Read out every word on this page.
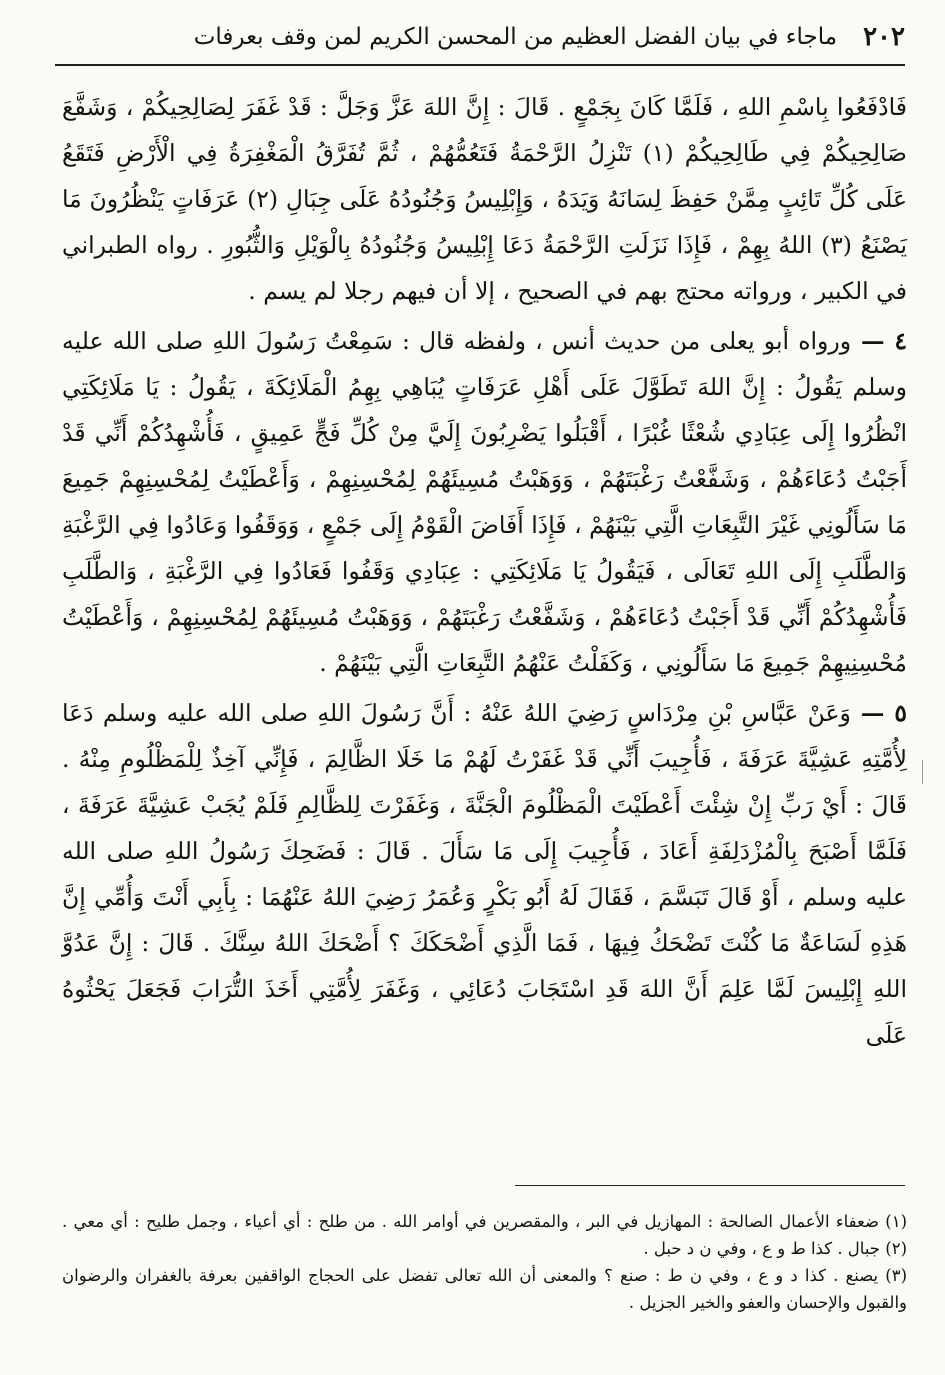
٢٠٢
ماجاء في بيان الفضل العظيم من المحسن الكريم لمن وقف بعرفات

فَادْفَعُوا بِاسْمِ اللهِ ، فَلَمَّا كَانَ بِجَمْعٍ . قَالَ : إِنَّ اللهَ عَزَّ وَجَلَّ : قَدْ غَفَرَ لِصَالِحِيكُمْ ، وَشَفَّعَ صَالِحِيكُمْ فِي طَالِحِيكُمْ (١) تَنْزِلُ الرَّحْمَةُ فَتَعُمُّهُمْ ، ثُمَّ تُفَرَّقُ الْمَغْفِرَةُ فِي الْأَرْضِ فَتَقَعُ عَلَى كُلِّ تَائِبٍ مِمَّنْ حَفِظَ لِسَانَهُ وَيَدَهُ ، وَإِبْلِيسُ وَجُنُودُهُ عَلَى جِبَالِ (٢) عَرَفَاتٍ يَنْظُرُونَ مَا يَصْنَعُ (٣) اللهُ بِهِمْ ، فَإِذَا نَزَلَتِ الرَّحْمَةُ دَعَا إِبْلِيسُ وَجُنُودُهُ بِالْوَيْلِ وَالثُّبُورِ . رواه الطبراني في الكبير ، ورواته محتج بهم في الصحيح ، إلا أن فيهم رجلا لم يسم .

٤ — ورواه أبو يعلى من حديث أنس ، ولفظه قال : سَمِعْتُ رَسُولَ اللهِ صلى الله عليه وسلم يَقُولُ : إِنَّ اللهَ تَطَوَّلَ عَلَى أَهْلِ عَرَفَاتٍ يُبَاهِي بِهِمُ الْمَلَائِكَةَ ، يَقُولُ : يَا مَلَائِكَتِي انْظُرُوا إِلَى عِبَادِي شُعْثًا غُبْرًا ، أَقْبَلُوا يَضْرِبُونَ إِلَيَّ مِنْ كُلِّ فَجٍّ عَمِيقٍ ، فَأُشْهِدُكُمْ أَنِّي قَدْ أَجَبْتُ دُعَاءَهُمْ ، وَشَفَّعْتُ رَغْبَتَهُمْ ، وَوَهَبْتُ مُسِيئَهُمْ لِمُحْسِنِهِمْ ، وَأَعْطَيْتُ لِمُحْسِنِهِمْ جَمِيعَ مَا سَأَلُونِي غَيْرَ التَّبِعَاتِ الَّتِي بَيْنَهُمْ ، فَإِذَا أَفَاضَ الْقَوْمُ إِلَى جَمْعٍ ، وَوَقَفُوا وَعَادُوا فِي الرَّغْبَةِ وَالطَّلَبِ إِلَى اللهِ تَعَالَى ، فَيَقُولُ يَا مَلَائِكَتِي : عِبَادِي وَقَفُوا فَعَادُوا فِي الرَّغْبَةِ ، وَالطَّلَبِ فَأُشْهِدُكُمْ أَنِّي قَدْ أَجَبْتُ دُعَاءَهُمْ ، وَشَفَّعْتُ رَغْبَتَهُمْ ، وَوَهَبْتُ مُسِيئَهُمْ لِمُحْسِنِهِمْ ، وَأَعْطَيْتُ مُحْسِنِيهِمْ جَمِيعَ مَا سَأَلُونِي ، وَكَفَلْتُ عَنْهُمُ التَّبِعَاتِ الَّتِي بَيْنَهُمْ .

٥ — وَعَنْ عَبَّاسِ بْنِ مِرْدَاسٍ رَضِيَ اللهُ عَنْهُ : أَنَّ رَسُولَ اللهِ صلى الله عليه وسلم دَعَا لِأُمَّتِهِ عَشِيَّةَ عَرَفَةَ ، فَأُجِيبَ أَنِّي قَدْ غَفَرْتُ لَهُمْ مَا خَلَا الظَّالِمَ ، فَإِنِّي آخِذٌ لِلْمَظْلُومِ مِنْهُ . قَالَ : أَيْ رَبِّ إِنْ شِئْتَ أَعْطَيْتَ الْمَظْلُومَ الْجَنَّةَ ، وَغَفَرْتَ لِلظَّالِمِ فَلَمْ يُجَبْ عَشِيَّةَ عَرَفَةَ ، فَلَمَّا أَصْبَحَ بِالْمُزْدَلِفَةِ أَعَادَ ، فَأُجِيبَ إِلَى مَا سَأَلَ . قَالَ : فَضَحِكَ رَسُولُ اللهِ صلى الله عليه وسلم ، أَوْ قَالَ تَبَسَّمَ ، فَقَالَ لَهُ أَبُو بَكْرٍ وَعُمَرُ رَضِيَ اللهُ عَنْهُمَا : بِأَبِي أَنْتَ وَأُمِّي إِنَّ هَذِهِ لَسَاعَةٌ مَا كُنْتَ تَضْحَكُ فِيهَا ، فَمَا الَّذِي أَضْحَكَكَ ؟ أَضْحَكَ اللهُ سِنَّكَ . قَالَ : إِنَّ عَدُوَّ اللهِ إِبْلِيسَ لَمَّا عَلِمَ أَنَّ اللهَ قَدِ اسْتَجَابَ دُعَائِي ، وَغَفَرَ لِأُمَّتِي أَخَذَ التُّرَابَ فَجَعَلَ يَحْثُوهُ عَلَى

(١) ضعفاء الأعمال الصالحة : المهازيل في البر ، والمقصرين في أوامر الله . من طلح : أي أعياء ، وجمل طليح : أي معي . (٢) جبال . كذا ط و ع ، وفي ن د حبل .

(٣) يصنع . كذا د و ع ، وفي ن ط : صنع ؟ والمعنى أن الله تعالى تفضل على الحجاج الواقفين بعرفة بالغفران والرضوان والقبول والإحسان والعفو والخير الجزيل .
